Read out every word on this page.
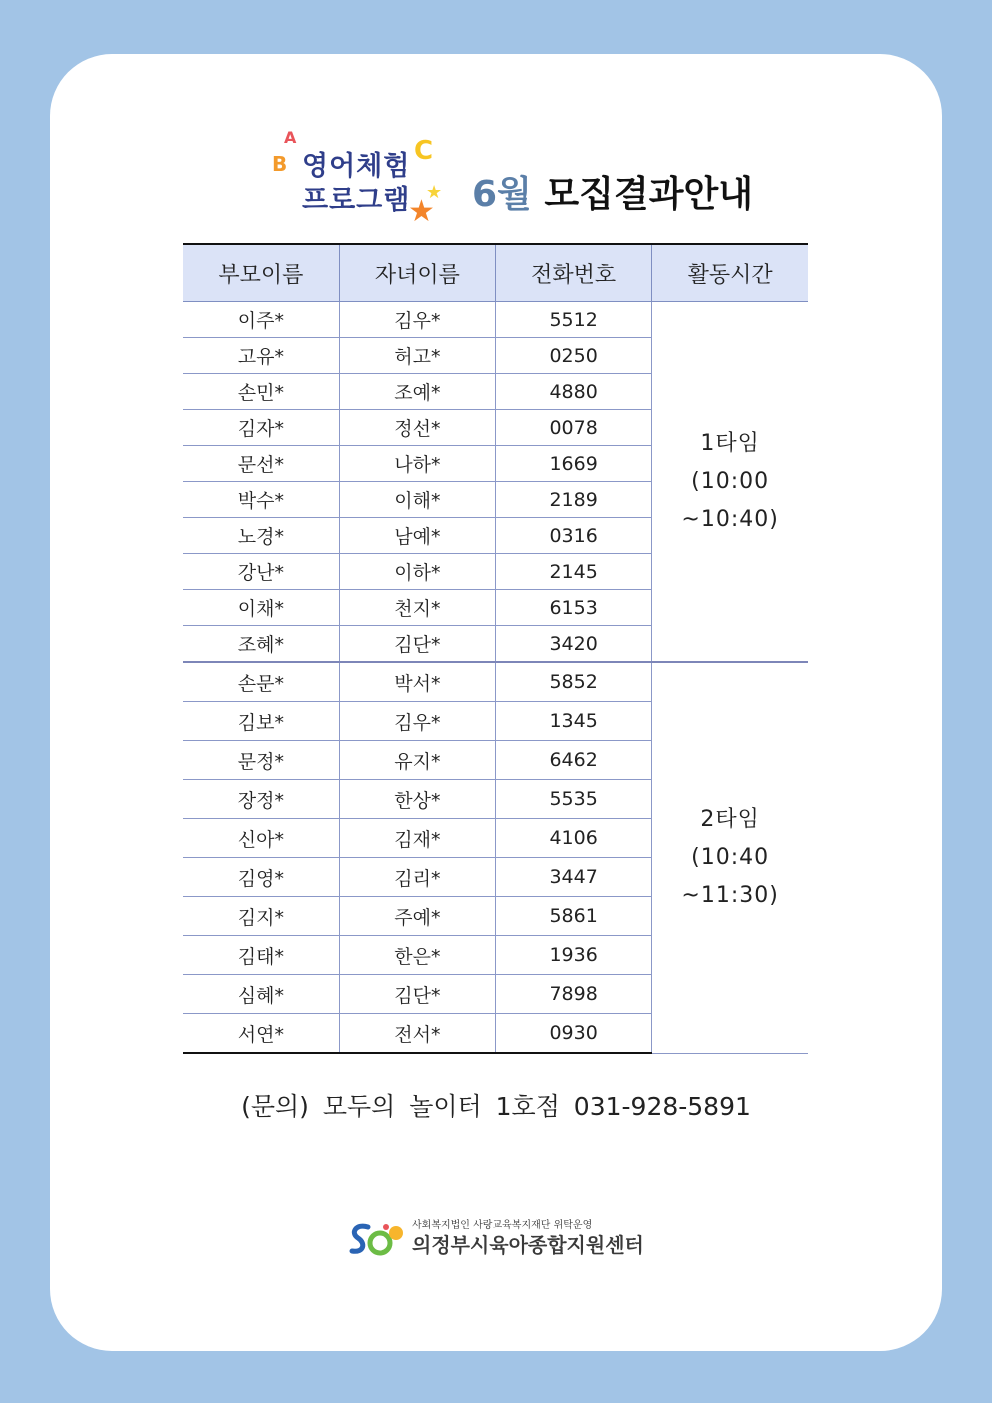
A
B	C
★
★
영어체험
프로그램 6월 모집결과안내
부모이름	자녀이름	전화번호	활동시간
이주*	김우*	5512	1타임
(10:00
~10:40)

고유*	허고*	0250	
손민*	조예*	4880	
김자*	정선*	0078	
문선*	나하*	1669	
박수*	이해*	2189	
노경*	남예*	0316	
강난*	이하*	2145	
이채*	천지*	6153	
조혜*	김단*	3420	
손문*	박서*	5852	2타임
(10:40
~11:30)

김보*	김우*	1345	
문정*	유지*	6462	
장정*	한상*	5535	
신아*	김재*	4106	
김영*	김리*	3447	
김지*	주예*	5861	
김태*	한은*	1936	
심혜*	김단*	7898	
서연*	전서*	0930	
(문의) 모두의 놀이터 1호점 031-928-5891
사회복지법인 사랑교육복지재단 위탁운영
의정부시육아종합지원센터
